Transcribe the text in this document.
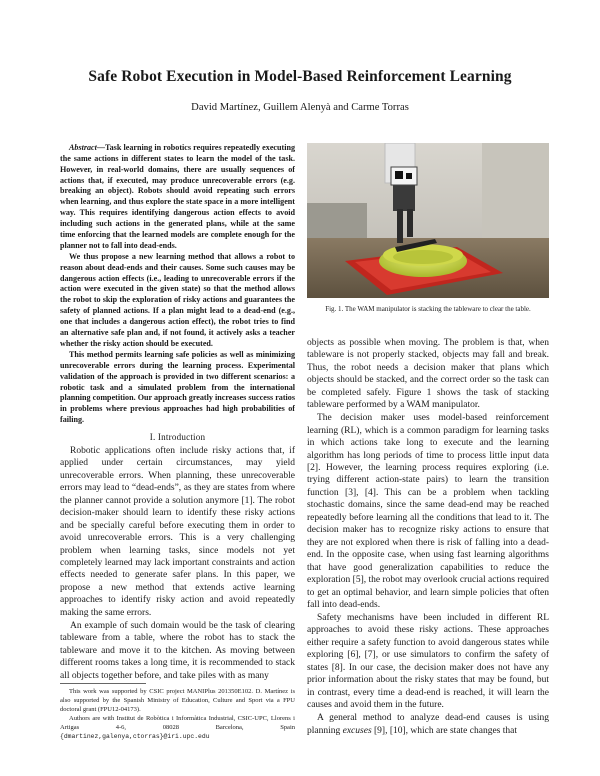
Safe Robot Execution in Model-Based Reinforcement Learning
David Martínez, Guillem Alenyà and Carme Torras

Abstract—Task learning in robotics requires repeatedly executing the same actions in different states to learn the model of the task. However, in real-world domains, there are usually sequences of actions that, if executed, may produce unrecoverable errors (e.g. breaking an object). Robots should avoid repeating such errors when learning, and thus explore the state space in a more intelligent way. This requires identifying dangerous action effects to avoid including such actions in the generated plans, while at the same time enforcing that the learned models are complete enough for the planner not to fall into dead-ends.

We thus propose a new learning method that allows a robot to reason about dead-ends and their causes. Some such causes may be dangerous action effects (i.e., leading to unrecoverable errors if the action were executed in the given state) so that the method allows the robot to skip the exploration of risky actions and guarantees the safety of planned actions. If a plan might lead to a dead-end (e.g., one that includes a dangerous action effect), the robot tries to find an alternative safe plan and, if not found, it actively asks a teacher whether the risky action should be executed.

This method permits learning safe policies as well as minimizing unrecoverable errors during the learning process. Experimental validation of the approach is provided in two different scenarios: a robotic task and a simulated problem from the international planning competition. Our approach greatly increases success ratios in problems where previous approaches had high probabilities of failing.

I. Introduction

Robotic applications often include risky actions that, if applied under certain circumstances, may yield unrecoverable errors. When planning, these unrecoverable errors may lead to “dead-ends”, as they are states from where the planner cannot provide a solution anymore [1]. The robot decision-maker should learn to identify these risky actions and be specially careful before executing them in order to avoid unrecoverable errors. This is a very challenging problem when learning tasks, since models not yet completely learned may lack important constraints and action effects needed to generate safer plans. In this paper, we propose a new method that extends active learning approaches to identify risky action and avoid repeatedly making the same errors.

An example of such domain would be the task of clearing tableware from a table, where the robot has to stack the tableware and move it to the kitchen. As moving between different rooms takes a long time, it is recommended to stack all objects together before, and take piles with as many

This work was supported by CSIC project MANIPlus 201350E102. D. Martínez is also supported by the Spanish Ministry of Education, Culture and Sport via a FPU doctoral grant (FPU12-04173).

Authors are with Institut de Robòtica i Informàtica Industrial, CSIC-UPC, Llorens i Artigas 4-6, 08028 Barcelona, Spain {dmartinez,galenya,ctorras}@iri.upc.edu

Fig. 1. The WAM manipulator is stacking the tableware to clear the table.

objects as possible when moving. The problem is that, when tableware is not properly stacked, objects may fall and break. Thus, the robot needs a decision maker that plans which objects should be stacked, and the correct order so the task can be completed safely. Figure 1 shows the task of stacking tableware performed by a WAM manipulator.

The decision maker uses model-based reinforcement learning (RL), which is a common paradigm for learning tasks in which actions take long to execute and the learning algorithm has long periods of time to process little input data [2]. However, the learning process requires exploring (i.e. trying different action-state pairs) to learn the transition function [3], [4]. This can be a problem when tackling stochastic domains, since the same dead-end may be reached repeatedly before learning all the conditions that lead to it. The decision maker has to recognize risky actions to ensure that they are not explored when there is risk of falling into a dead-end. In the opposite case, when using fast learning algorithms that have good generalization capabilities to reduce the exploration [5], the robot may overlook crucial actions required to get an optimal behavior, and learn simple policies that often fall into dead-ends.

Safety mechanisms have been included in different RL approaches to avoid these risky actions. These approaches either require a safety function to avoid dangerous states while exploring [6], [7], or use simulators to confirm the safety of states [8]. In our case, the decision maker does not have any prior information about the risky states that may be found, but in contrast, every time a dead-end is reached, it will learn the causes and avoid them in the future.

A general method to analyze dead-end causes is using planning excuses [9], [10], which are state changes that
